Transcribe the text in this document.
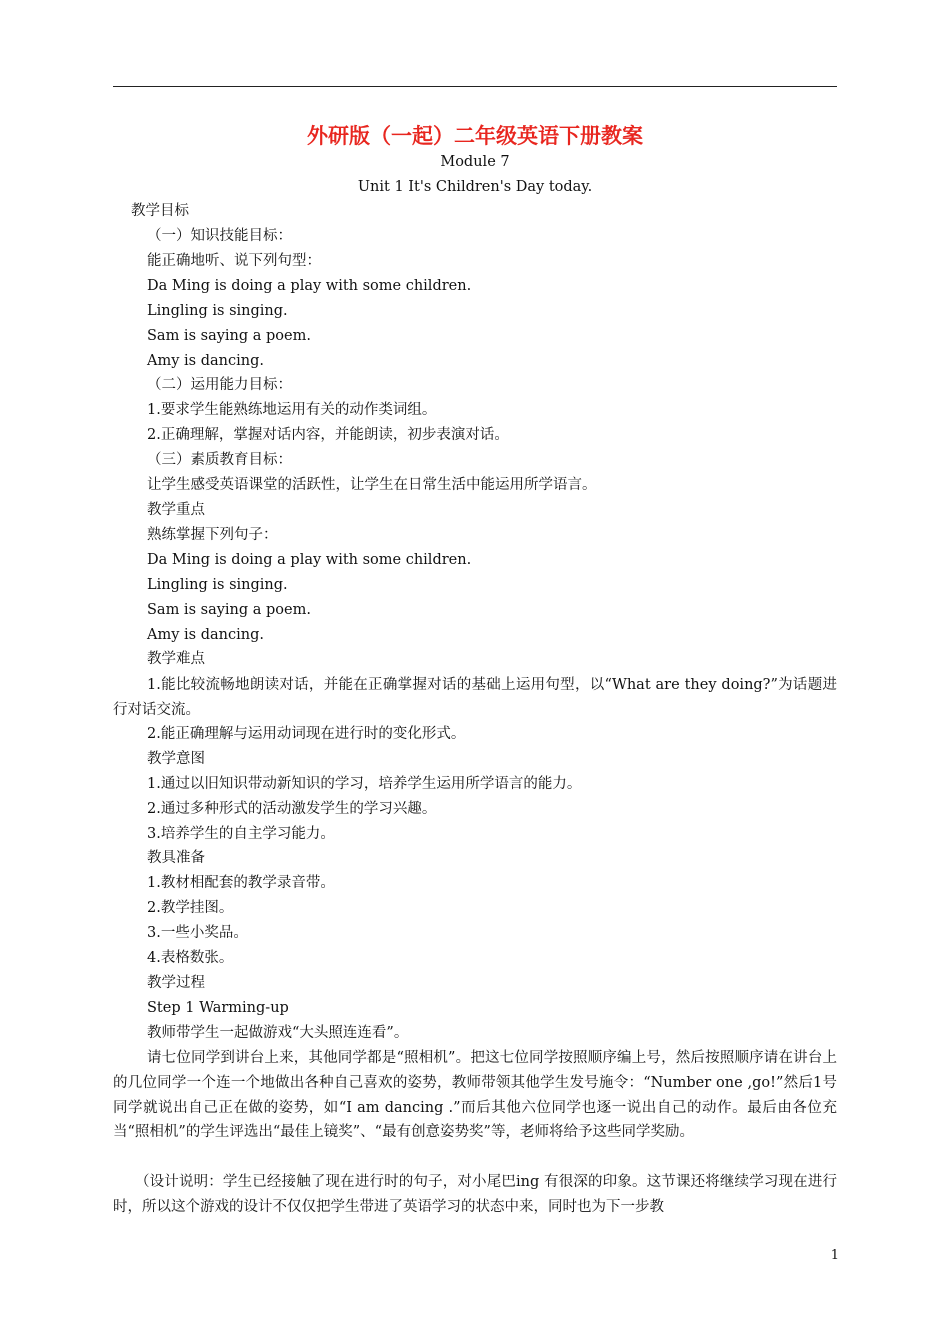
外研版（一起）二年级英语下册教案
Module 7
Unit 1 It's Children's Day today.
教学目标
（一）知识技能目标：
能正确地听、说下列句型：
Da Ming is doing a play with some children.
Lingling is singing.
Sam is saying a poem.
Amy is dancing.
（二）运用能力目标：
1.要求学生能熟练地运用有关的动作类词组。
2.正确理解，掌握对话内容，并能朗读，初步表演对话。
（三）素质教育目标：
让学生感受英语课堂的活跃性，让学生在日常生活中能运用所学语言。
教学重点
熟练掌握下列句子：
Da Ming is doing a play with some children.
Lingling is singing.
Sam is saying a poem.
Amy is dancing.
教学难点
1.能比较流畅地朗读对话，并能在正确掌握对话的基础上运用句型，以“What are they doing?”为话题进行对话交流。
2.能正确理解与运用动词现在进行时的变化形式。
教学意图
1.通过以旧知识带动新知识的学习，培养学生运用所学语言的能力。
2.通过多种形式的活动激发学生的学习兴趣。
3.培养学生的自主学习能力。
教具准备
1.教材相配套的教学录音带。
2.教学挂图。
3.一些小奖品。
4.表格数张。
教学过程
Step 1 Warming-up
教师带学生一起做游戏“大头照连连看”。
请七位同学到讲台上来，其他同学都是“照相机”。把这七位同学按照顺序编上号，然后按照顺序请在讲台上的几位同学一个连一个地做出各种自己喜欢的姿势，教师带领其他学生发号施令：“Number one ,go!”然后1号同学就说出自己正在做的姿势，如“I am dancing .”而后其他六位同学也逐一说出自己的动作。最后由各位充当“照相机”的学生评选出“最佳上镜奖”、“最有创意姿势奖”等，老师将给予这些同学奖励。
（设计说明：学生已经接触了现在进行时的句子，对小尾巴ing 有很深的印象。这节课还将继续学习现在进行时，所以这个游戏的设计不仅仅把学生带进了英语学习的状态中来，同时也为下一步教
1
